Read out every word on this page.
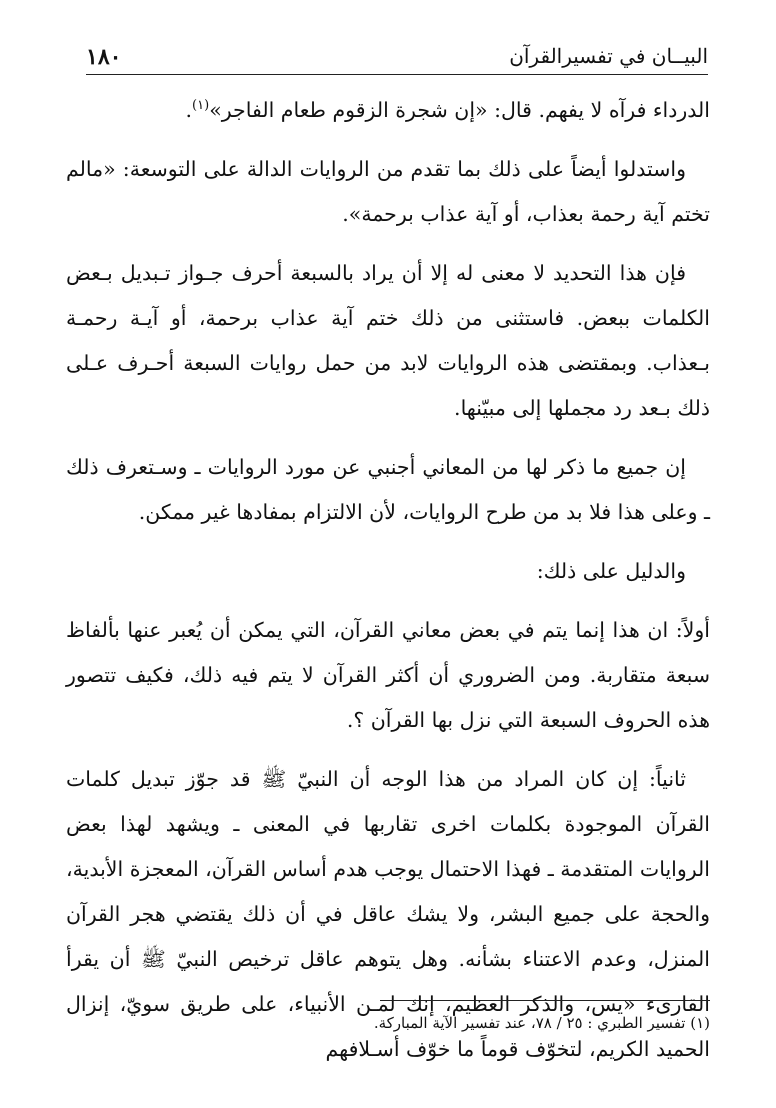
١٨٠	البيــان في تفسيرالقرآن

الدرداء فرآه لا يفهم. قال: «إن شجرة الزقوم طعام الفاجر»$^{(١)}$.

واستدلوا أيضاً على ذلك بما تقدم من الروايات الدالة على التوسعة: «مالم تختم آية رحمة بعذاب، أو آية عذاب برحمة».

فإن هذا التحديد لا معنى له إلا أن يراد بالسبعة أحرف جـواز تـبديل بـعض الكلمات ببعض. فاستثنى من ذلك ختم آية عذاب برحمة، أو آيـة رحمـة بـعذاب. وبمقتضى هذه الروايات لابد من حمل روايات السبعة أحـرف عـلى ذلك بـعد رد مجملها إلى مبيّنها.

إن جميع ما ذكر لها من المعاني أجنبي عن مورد الروايات ـ وسـتعرف ذلك ـ وعلى هذا فلا بد من طرح الروايات، لأن الالتزام بمفادها غير ممكن.

والدليل على ذلك:

أولاً: ان هذا إنما يتم في بعض معاني القرآن، التي يمكن أن يُعبر عنها بألفاظ سبعة متقاربة. ومن الضروري أن أكثر القرآن لا يتم فيه ذلك، فكيف تتصور هذه الحروف السبعة التي نزل بها القرآن ؟.

ثانياً: إن كان المراد من هذا الوجه أن النبيّ ﷺ قد جوّز تبديل كلمات القرآن الموجودة بكلمات اخرى تقاربها في المعنى ـ ويشهد لهذا بعض الروايات المتقدمة ـ فهذا الاحتمال يوجب هدم أساس القرآن، المعجزة الأبدية، والحجة على جميع البشر، ولا يشك عاقل في أن ذلك يقتضي هجر القرآن المنزل، وعدم الاعتناء بشأنه. وهل يتوهم عاقل ترخيص النبيّ ﷺ أن يقرأ القارىء «يس، والذكر العظيم، إنك لمـن الأنبياء، على طريق سويّ، إنزال الحميد الكريم، لتخوّف قوماً ما خوّف أسـلافهم

(١) تفسير الطبري : ٢٥ / ٧٨، عند تفسير الآية المباركة.
